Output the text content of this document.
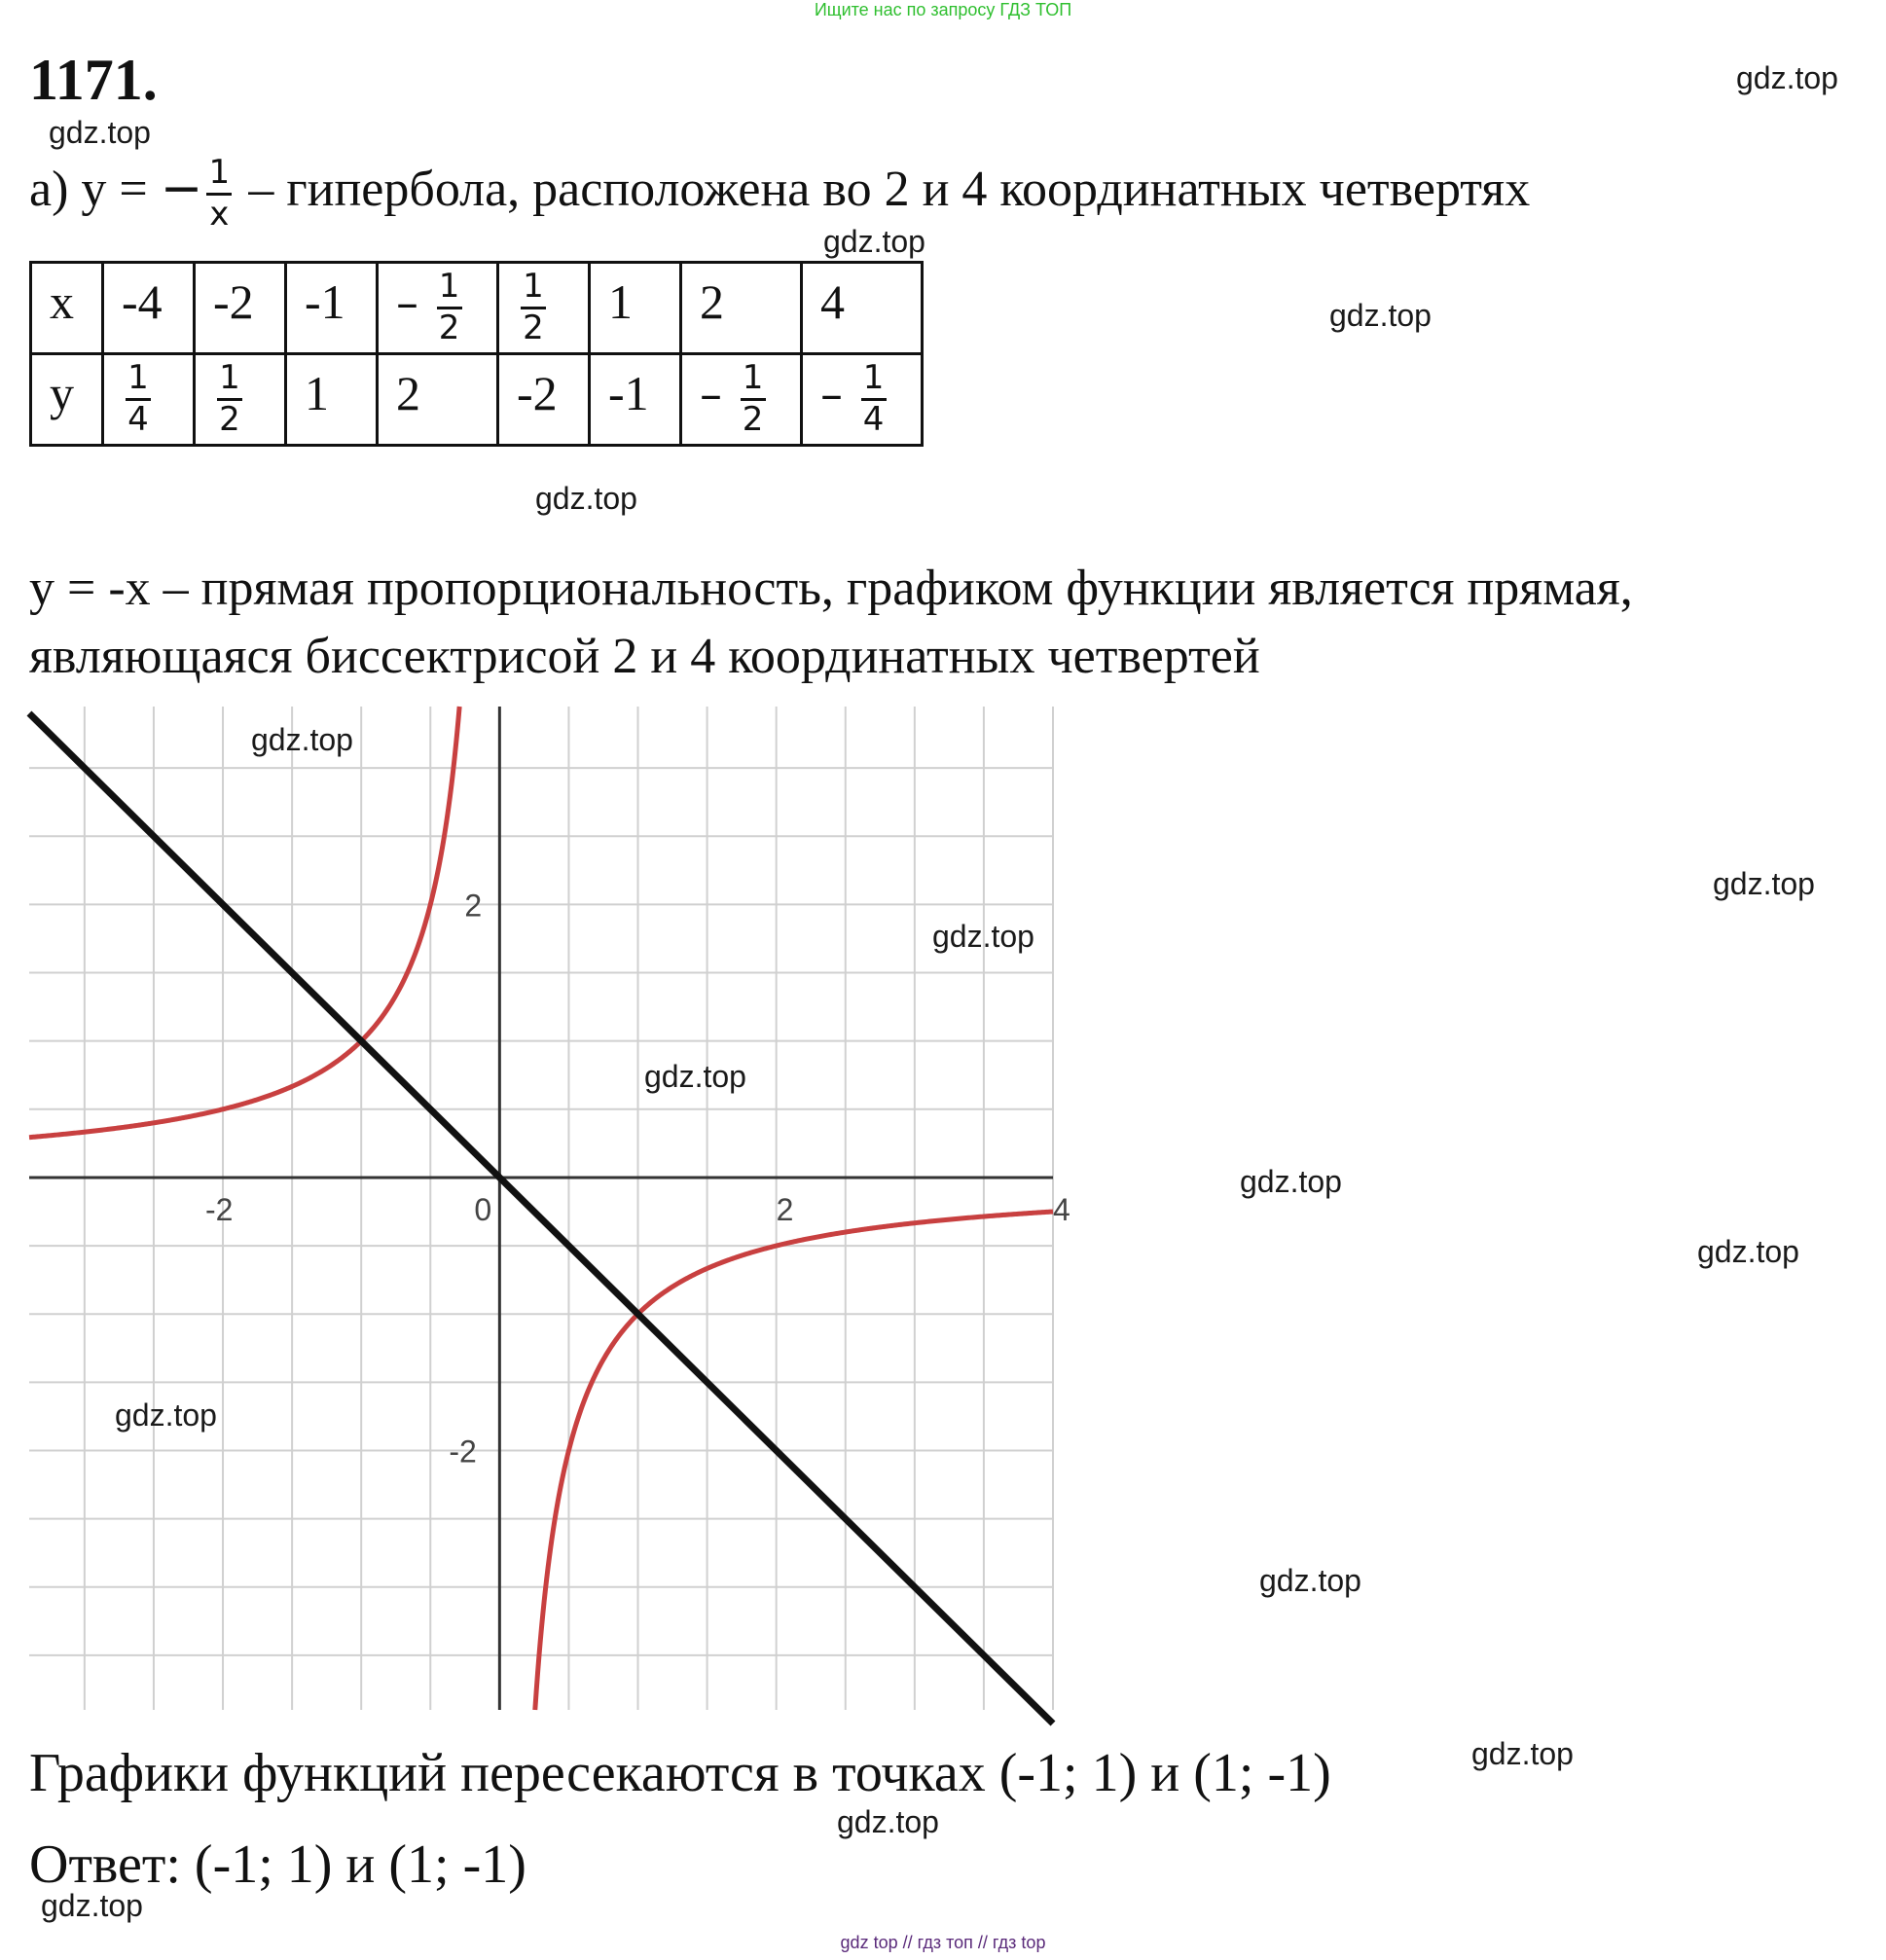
Ищите нас по запросу ГДЗ ТОП
1171.
а) у = − $\frac{1}{x}$ – гипербола, расположена во 2 и 4 координатных четвертях
x	-4	-2	-1	– $\frac{1}{2}$	$\frac{1}{2}$	1	2	4
y	$\frac{1}{4}$	$\frac{1}{2}$	1	2	-2	-1	– $\frac{1}{2}$	– $\frac{1}{4}$
у = -x – прямая пропорциональность, графиком функции является прямая,
являющаяся биссектрисой 2 и 4 координатных четвертей
-2	0	2	4
2
-2
Графики функций пересекаются в точках (-1; 1) и (1; -1)
Ответ: (-1; 1) и (1; -1)
gdz.top
gdz.top
gdz.top
gdz.top
gdz.top
gdz.top
gdz.top
gdz.top
gdz.top
gdz.top
gdz.top
gdz.top
gdz.top
gdz.top
gdz.top
gdz.top
gdz top // гдз топ // гдз top
